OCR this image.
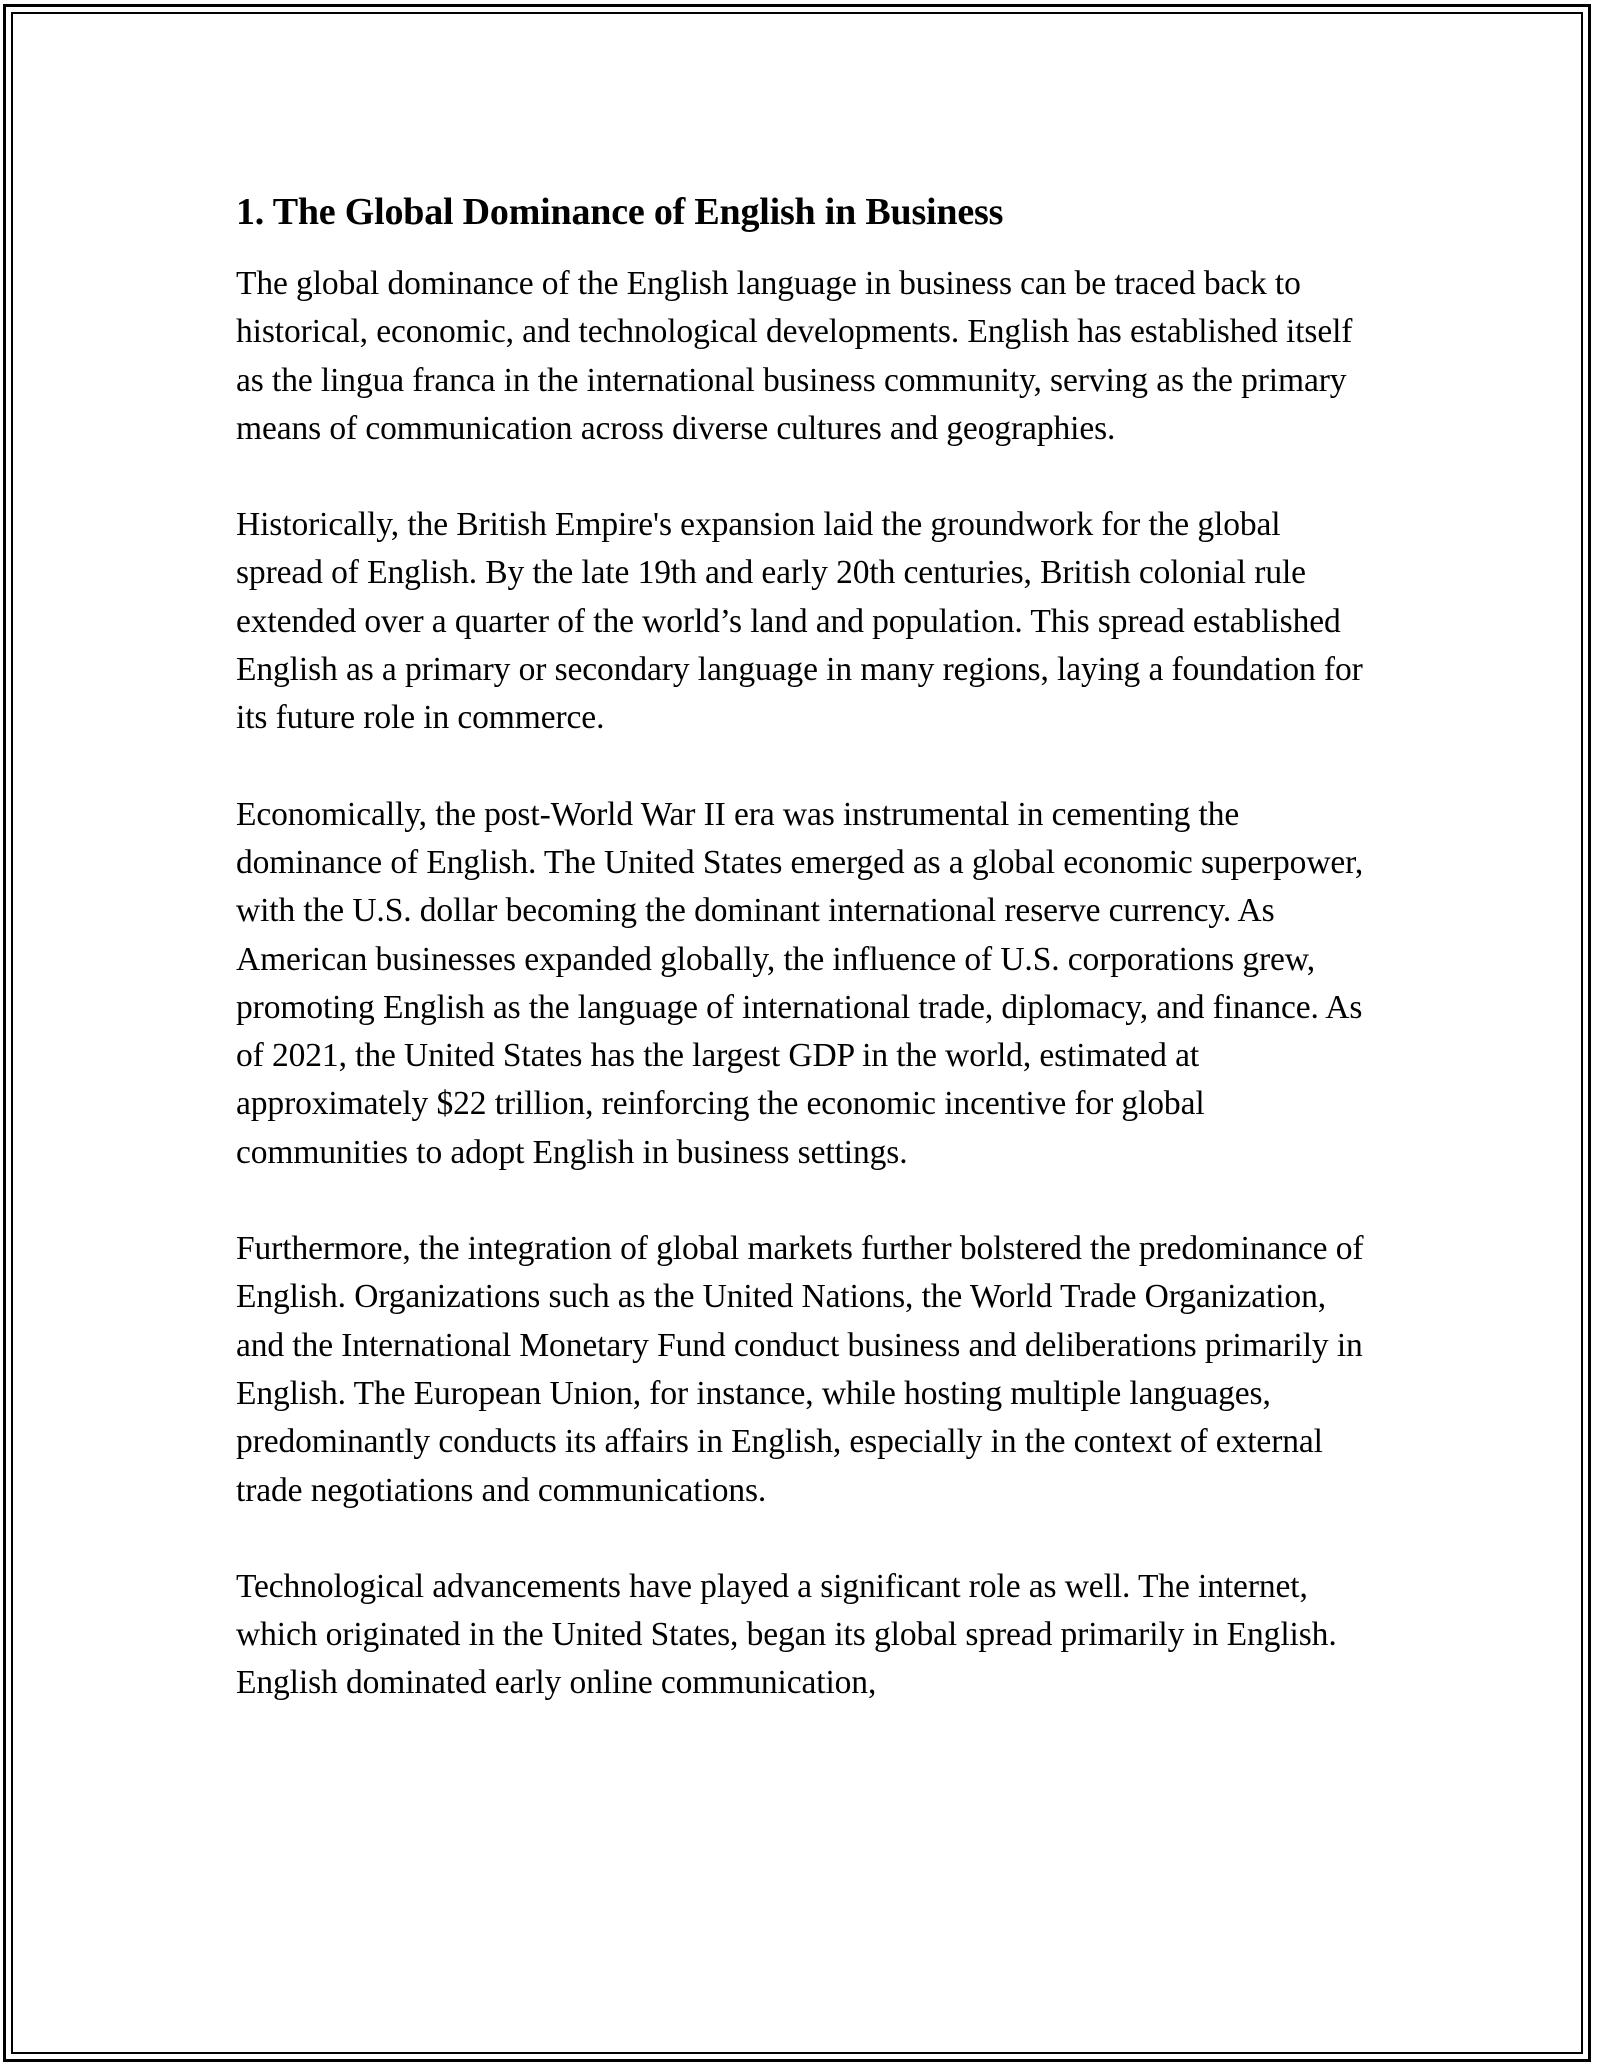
1. The Global Dominance of English in Business

The global dominance of the English language in business can be traced back to historical, economic, and technological developments. English has established itself as the lingua franca in the international business community, serving as the primary means of communication across diverse cultures and geographies.

Historically, the British Empire's expansion laid the groundwork for the global spread of English. By the late 19th and early 20th centuries, British colonial rule extended over a quarter of the world’s land and population. This spread established English as a primary or secondary language in many regions, laying a foundation for its future role in commerce.

Economically, the post-World War II era was instrumental in cementing the dominance of English. The United States emerged as a global economic superpower, with the U.S. dollar becoming the dominant international reserve currency. As American businesses expanded globally, the influence of U.S. corporations grew, promoting English as the language of international trade, diplomacy, and finance. As of 2021, the United States has the largest GDP in the world, estimated at approximately $22 trillion, reinforcing the economic incentive for global communities to adopt English in business settings.

Furthermore, the integration of global markets further bolstered the predominance of English. Organizations such as the United Nations, the World Trade Organization, and the International Monetary Fund conduct business and deliberations primarily in English. The European Union, for instance, while hosting multiple languages, predominantly conducts its affairs in English, especially in the context of external trade negotiations and communications.

Technological advancements have played a significant role as well. The internet, which originated in the United States, began its global spread primarily in English. English dominated early online communication,
